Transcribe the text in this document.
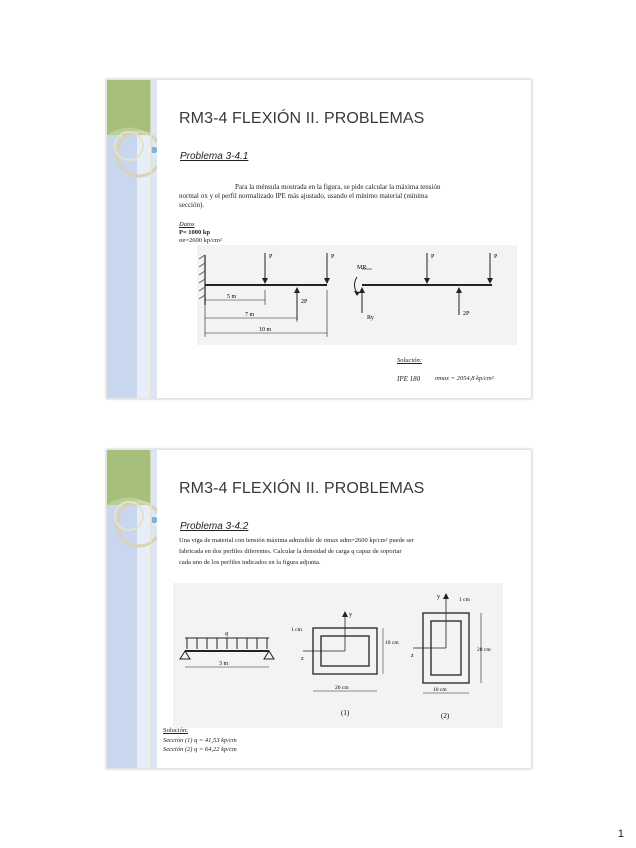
RM3-4 FLEXIÓN II. PROBLEMAS
Problema 3-4.1
Para la ménsula mostrada en la figura, se pide calcular la máxima tensión
normal σx y el perfil normalizado IPE más ajustado, usando el mínimo material (mínima
sección).
Datos
P= 1000 kp
σe=2600 kp/cm²
P	P
2P
5 m
7 m
10 m
MR
Ry
P	P
2P
Solución:
IPE 180 σmax = 2054,8 kp/cm²
RM3-4 FLEXIÓN II. PROBLEMAS
Problema 3-4.2
Una viga de material con tensión máxima admisible de σmax adm=2600 kp/cm² puede ser
fabricada en dos perfiles diferentes. Calcular la densidad de carga q capaz de soportar
cada uno de los perfiles indicados en la figura adjunta.
q
3 m
y
z
1 cm
10 cm
20 cm
(1)
y
z
1 cm
20 cm
10 cm
(2)
Solución:
Sección (1) q = 41,53 kp/cm
Sección (2) q = 64,22 kp/cm
1
